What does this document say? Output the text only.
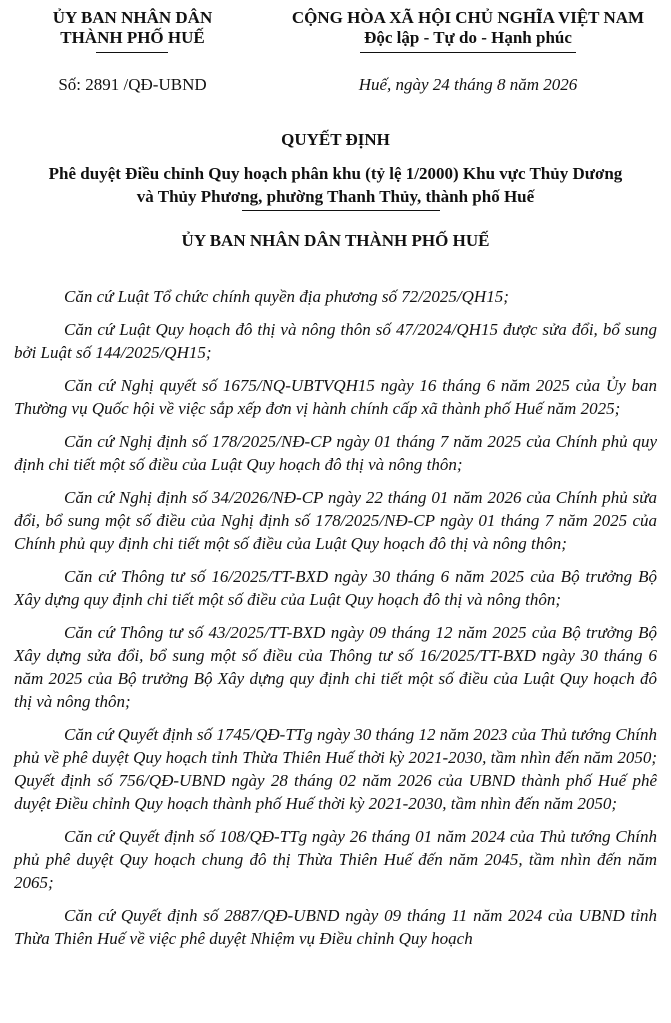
ỦY BAN NHÂN DÂN
THÀNH PHỐ HUẾ
Số: 2891 /QĐ-UBND
CỘNG HÒA XÃ HỘI CHỦ NGHĨA VIỆT NAM
Độc lập - Tự do - Hạnh phúc
Huế, ngày 24 tháng 8 năm 2026
QUYẾT ĐỊNH
Phê duyệt Điều chỉnh Quy hoạch phân khu (tỷ lệ 1/2000) Khu vực Thủy Dương và Thủy Phương, phường Thanh Thủy, thành phố Huế
ỦY BAN NHÂN DÂN THÀNH PHỐ HUẾ

Căn cứ Luật Tổ chức chính quyền địa phương số 72/2025/QH15;

Căn cứ Luật Quy hoạch đô thị và nông thôn số 47/2024/QH15 được sửa đổi, bổ sung bởi Luật số 144/2025/QH15;

Căn cứ Nghị quyết số 1675/NQ-UBTVQH15 ngày 16 tháng 6 năm 2025 của Ủy ban Thường vụ Quốc hội về việc sắp xếp đơn vị hành chính cấp xã thành phố Huế năm 2025;

Căn cứ Nghị định số 178/2025/NĐ-CP ngày 01 tháng 7 năm 2025 của Chính phủ quy định chi tiết một số điều của Luật Quy hoạch đô thị và nông thôn;

Căn cứ Nghị định số 34/2026/NĐ-CP ngày 22 tháng 01 năm 2026 của Chính phủ sửa đổi, bổ sung một số điều của Nghị định số 178/2025/NĐ-CP ngày 01 tháng 7 năm 2025 của Chính phủ quy định chi tiết một số điều của Luật Quy hoạch đô thị và nông thôn;

Căn cứ Thông tư số 16/2025/TT-BXD ngày 30 tháng 6 năm 2025 của Bộ trưởng Bộ Xây dựng quy định chi tiết một số điều của Luật Quy hoạch đô thị và nông thôn;

Căn cứ Thông tư số 43/2025/TT-BXD ngày 09 tháng 12 năm 2025 của Bộ trưởng Bộ Xây dựng sửa đổi, bổ sung một số điều của Thông tư số 16/2025/TT-BXD ngày 30 tháng 6 năm 2025 của Bộ trưởng Bộ Xây dựng quy định chi tiết một số điều của Luật Quy hoạch đô thị và nông thôn;

Căn cứ Quyết định số 1745/QĐ-TTg ngày 30 tháng 12 năm 2023 của Thủ tướng Chính phủ về phê duyệt Quy hoạch tỉnh Thừa Thiên Huế thời kỳ 2021-2030, tầm nhìn đến năm 2050; Quyết định số 756/QĐ-UBND ngày 28 tháng 02 năm 2026 của UBND thành phố Huế phê duyệt Điều chỉnh Quy hoạch thành phố Huế thời kỳ 2021-2030, tầm nhìn đến năm 2050;

Căn cứ Quyết định số 108/QĐ-TTg ngày 26 tháng 01 năm 2024 của Thủ tướng Chính phủ phê duyệt Quy hoạch chung đô thị Thừa Thiên Huế đến năm 2045, tầm nhìn đến năm 2065;

Căn cứ Quyết định số 2887/QĐ-UBND ngày 09 tháng 11 năm 2024 của UBND tỉnh Thừa Thiên Huế về việc phê duyệt Nhiệm vụ Điều chỉnh Quy hoạch
